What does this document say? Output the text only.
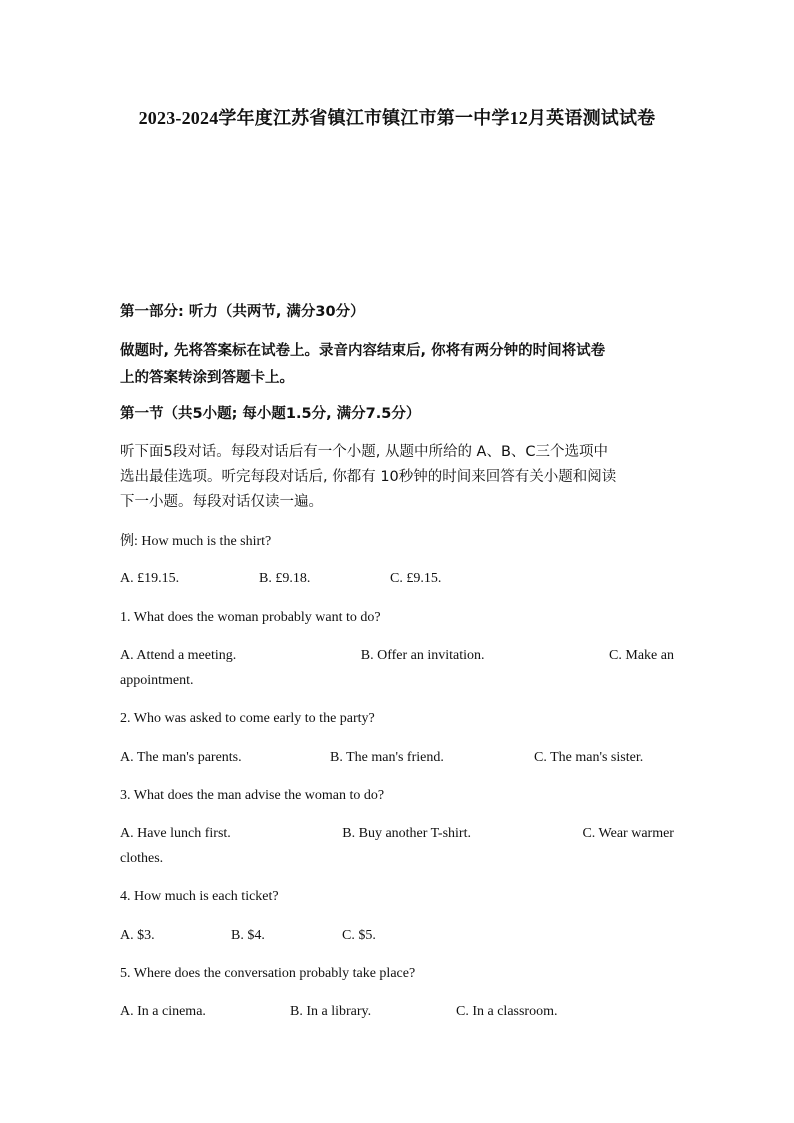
2023-2024学年度江苏省镇江市镇江市第一中学12月英语测试试卷
第一部分: 听力（共两节, 满分30分）
做题时, 先将答案标在试卷上。录音内容结束后, 你将有两分钟的时间将试卷
上的答案转涂到答题卡上。
第一节（共5小题; 每小题1.5分, 满分7.5分）
听下面5段对话。每段对话后有一个小题, 从题中所给的 A、B、C三个选项中
选出最佳选项。听完每段对话后, 你都有 10秒钟的时间来回答有关小题和阅读
下一小题。每段对话仅读一遍。
例: How much is the shirt?
A. £19.15.	B. £9.18.	C. £9.15.
1. What does the woman probably want to do?
A. Attend a meeting.	B. Offer an invitation.	C. Make an
appointment.
2. Who was asked to come early to the party?
A. The man's parents.	B. The man's friend.	C. The man's sister.
3. What does the man advise the woman to do?
A. Have lunch first.	B. Buy another T-shirt.	C. Wear warmer
clothes.
4. How much is each ticket?
A. $3.	B. $4.	C. $5.
5. Where does the conversation probably take place?
A. In a cinema.	B. In a library.	C. In a classroom.
